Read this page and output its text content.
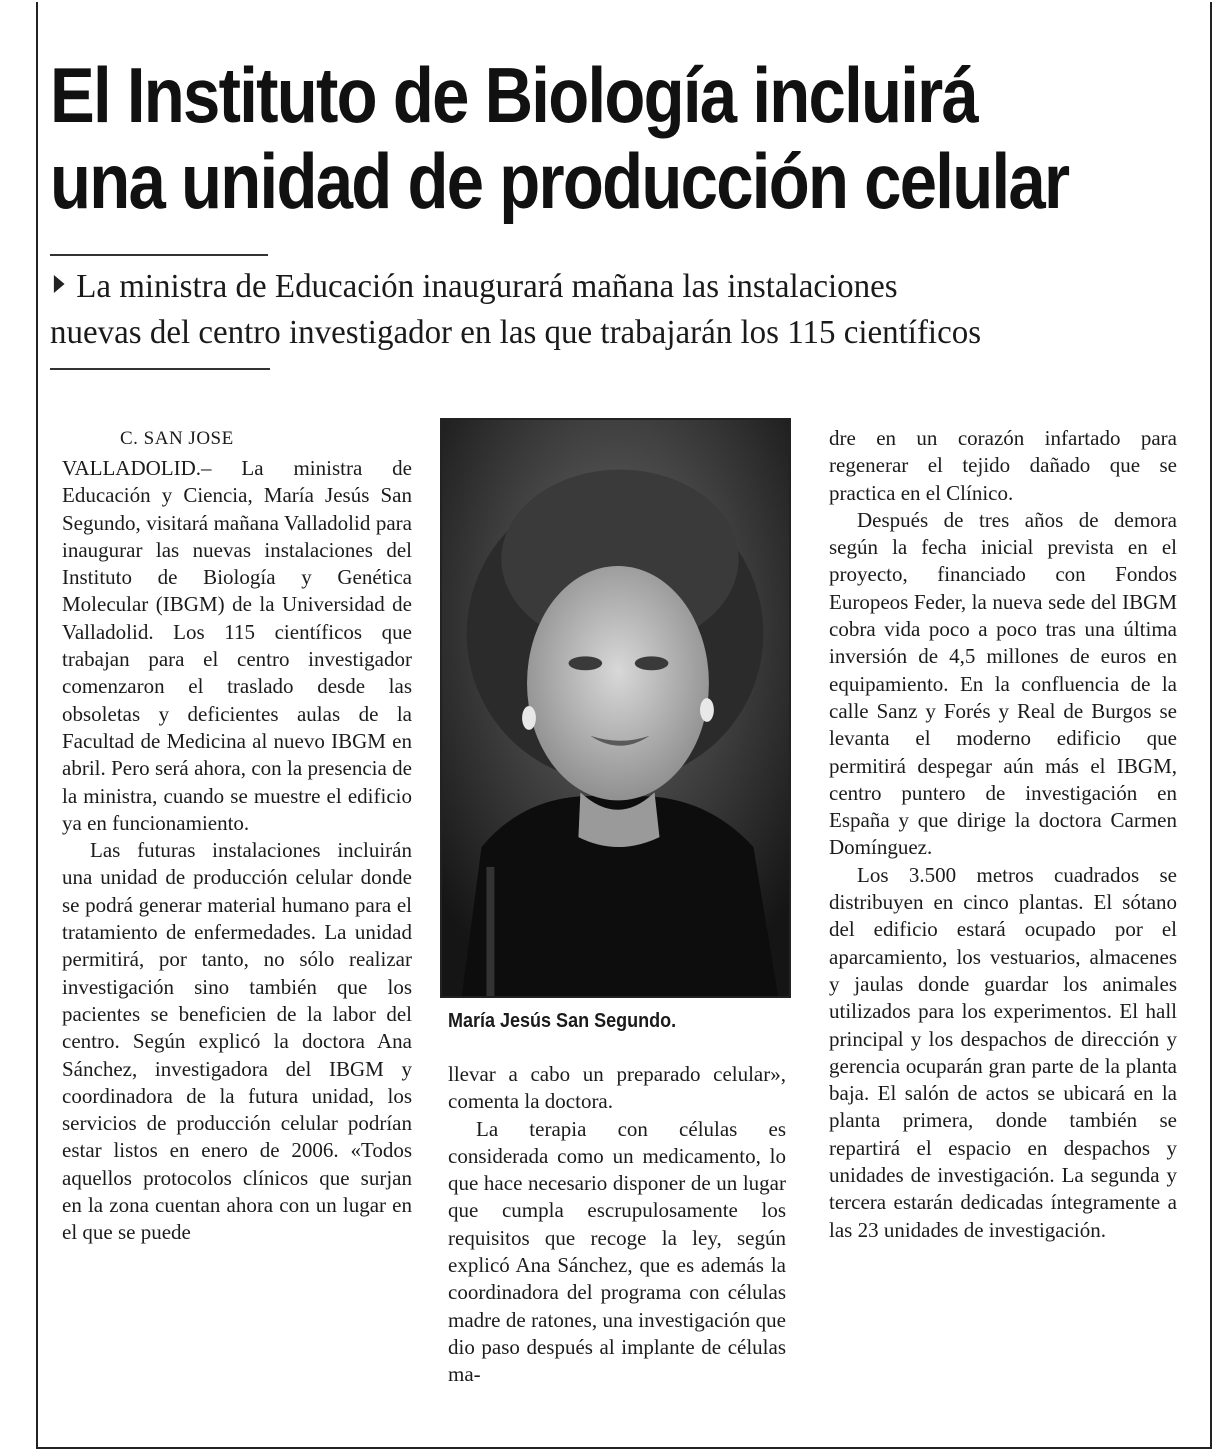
El Instituto de Biología incluirá
una unidad de producción celular
La ministra de Educación inaugurará mañana las instalaciones
nuevas del centro investigador en las que trabajarán los 115 científicos
C. SAN JOSE

VALLADOLID.– La ministra de Educación y Ciencia, María Jesús San Segundo, visitará mañana Valladolid para inaugurar las nuevas instalaciones del Instituto de Biología y Genética Molecular (IBGM) de la Universidad de Valladolid. Los 115 científicos que trabajan para el centro investigador comenzaron el traslado desde las obsoletas y deficientes aulas de la Facultad de Medicina al nuevo IBGM en abril. Pero será ahora, con la presencia de la ministra, cuando se muestre el edificio ya en funcionamiento.

Las futuras instalaciones incluirán una unidad de producción celular donde se podrá generar material humano para el tratamiento de enfermedades. La unidad permitirá, por tanto, no sólo realizar investigación sino también que los pacientes se beneficien de la labor del centro. Según explicó la doctora Ana Sánchez, investigadora del IBGM y coordinadora de la futura unidad, los servicios de producción celular podrían estar listos en enero de 2006. «Todos aquellos protocolos clínicos que surjan en la zona cuentan ahora con un lugar en el que se puede

María Jesús San Segundo.

llevar a cabo un preparado celular», comenta la doctora.

La terapia con células es considerada como un medicamento, lo que hace necesario disponer de un lugar que cumpla escrupulosamente los requisitos que recoge la ley, según explicó Ana Sánchez, que es además la coordinadora del programa con células madre de ratones, una investigación que dio paso después al implante de células ma-

dre en un corazón infartado para regenerar el tejido dañado que se practica en el Clínico.

Después de tres años de demora según la fecha inicial prevista en el proyecto, financiado con Fondos Europeos Feder, la nueva sede del IBGM cobra vida poco a poco tras una última inversión de 4,5 millones de euros en equipamiento. En la confluencia de la calle Sanz y Forés y Real de Burgos se levanta el moderno edificio que permitirá despegar aún más el IBGM, centro puntero de investigación en España y que dirige la doctora Carmen Domínguez.

Los 3.500 metros cuadrados se distribuyen en cinco plantas. El sótano del edificio estará ocupado por el aparcamiento, los vestuarios, almacenes y jaulas donde guardar los animales utilizados para los experimentos. El hall principal y los despachos de dirección y gerencia ocuparán gran parte de la planta baja. El salón de actos se ubicará en la planta primera, donde también se repartirá el espacio en despachos y unidades de investigación. La segunda y tercera estarán dedicadas íntegramente a las 23 unidades de investigación.
